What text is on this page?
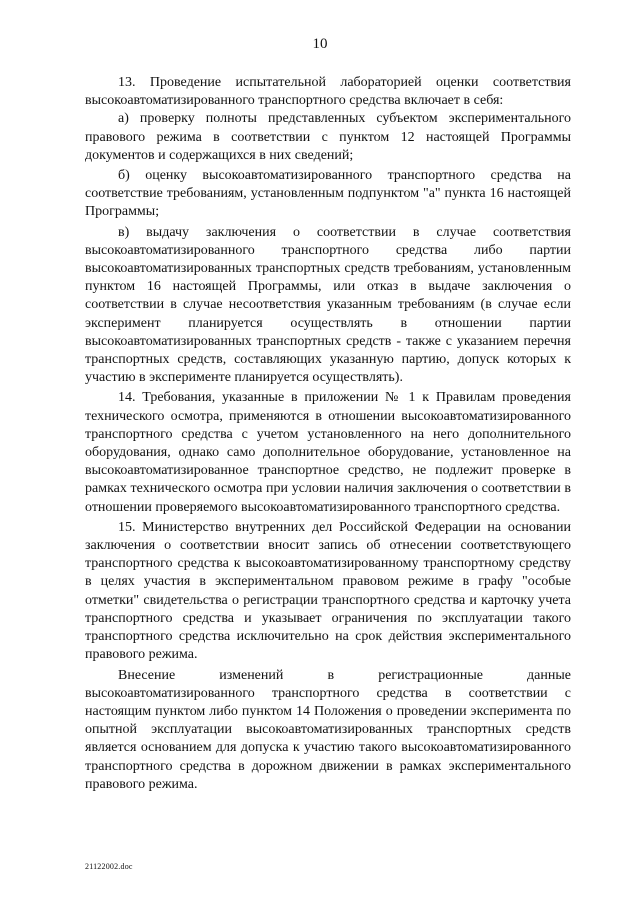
10

13. Проведение испытательной лабораторией оценки соответствия высокоавтоматизированного транспортного средства включает в себя:

а) проверку полноты представленных субъектом экспериментального правового режима в соответствии с пунктом 12 настоящей Программы документов и содержащихся в них сведений;

б) оценку высокоавтоматизированного транспортного средства на соответствие требованиям, установленным подпунктом "а" пункта 16 настоящей Программы;

в) выдачу заключения о соответствии в случае соответствия высокоавтоматизированного транспортного средства либо партии высокоавтоматизированных транспортных средств требованиям, установленным пунктом 16 настоящей Программы, или отказ в выдаче заключения о соответствии в случае несоответствия указанным требованиям (в случае если эксперимент планируется осуществлять в отношении партии высокоавтоматизированных транспортных средств - также с указанием перечня транспортных средств, составляющих указанную партию, допуск которых к участию в эксперименте планируется осуществлять).

14. Требования, указанные в приложении № 1 к Правилам проведения технического осмотра, применяются в отношении высокоавтоматизированного транспортного средства с учетом установленного на него дополнительного оборудования, однако само дополнительное оборудование, установленное на высокоавтоматизированное транспортное средство, не подлежит проверке в рамках технического осмотра при условии наличия заключения о соответствии в отношении проверяемого высокоавтоматизированного транспортного средства.

15. Министерство внутренних дел Российской Федерации на основании заключения о соответствии вносит запись об отнесении соответствующего транспортного средства к высокоавтоматизированному транспортному средству в целях участия в экспериментальном правовом режиме в графу "особые отметки" свидетельства о регистрации транспортного средства и карточку учета транспортного средства и указывает ограничения по эксплуатации такого транспортного средства исключительно на срок действия экспериментального правового режима.

Внесение изменений в регистрационные данные высокоавтоматизированного транспортного средства в соответствии с настоящим пунктом либо пунктом 14 Положения о проведении эксперимента по опытной эксплуатации высокоавтоматизированных транспортных средств является основанием для допуска к участию такого высокоавтоматизированного транспортного средства в дорожном движении в рамках экспериментального правового режима.

21122002.doc
